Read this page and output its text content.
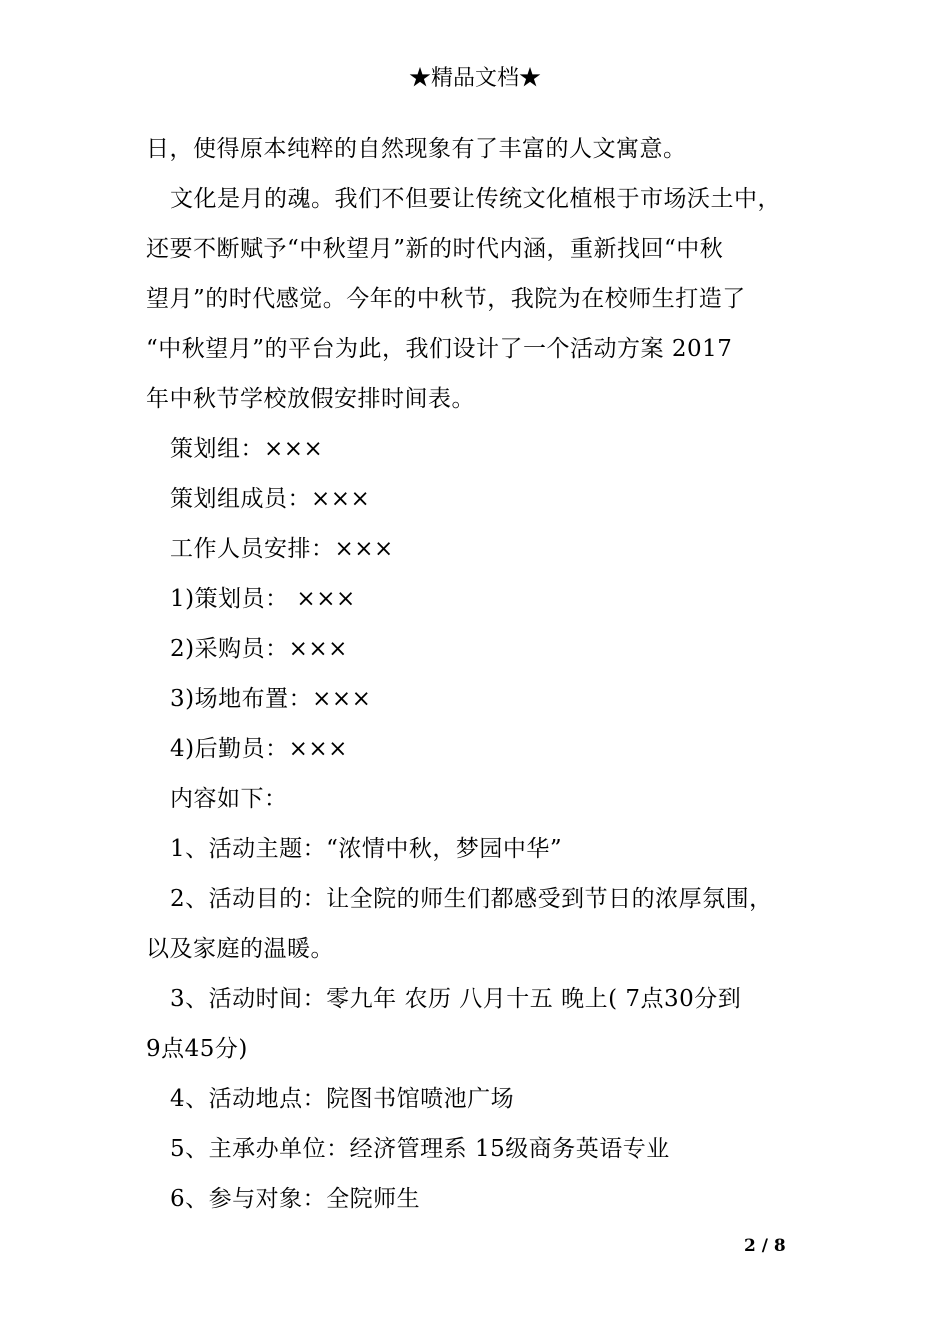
★精品文档★
日，使得原本纯粹的自然现象有了丰富的人文寓意。
文化是月的魂。我们不但要让传统文化植根于市场沃土中，
还要不断赋予“中秋望月”新的时代内涵，重新找回“中秋
望月”的时代感觉。今年的中秋节，我院为在校师生打造了
“中秋望月”的平台为此，我们设计了一个活动方案 2017
年中秋节学校放假安排时间表。
策划组：×××
策划组成员：×××
工作人员安排：×××
1)策划员： ×××
2)采购员：×××
3)场地布置：×××
4)后勤员：×××
内容如下：
1、活动主题：“浓情中秋，梦园中华”
2、活动目的：让全院的师生们都感受到节日的浓厚氛围，
以及家庭的温暖。
3、活动时间：零九年 农历 八月十五 晚上( 7点30分到
9点45分)
4、活动地点：院图书馆喷池广场
5、主承办单位：经济管理系 15级商务英语专业
6、参与对象：全院师生
2 / 8
